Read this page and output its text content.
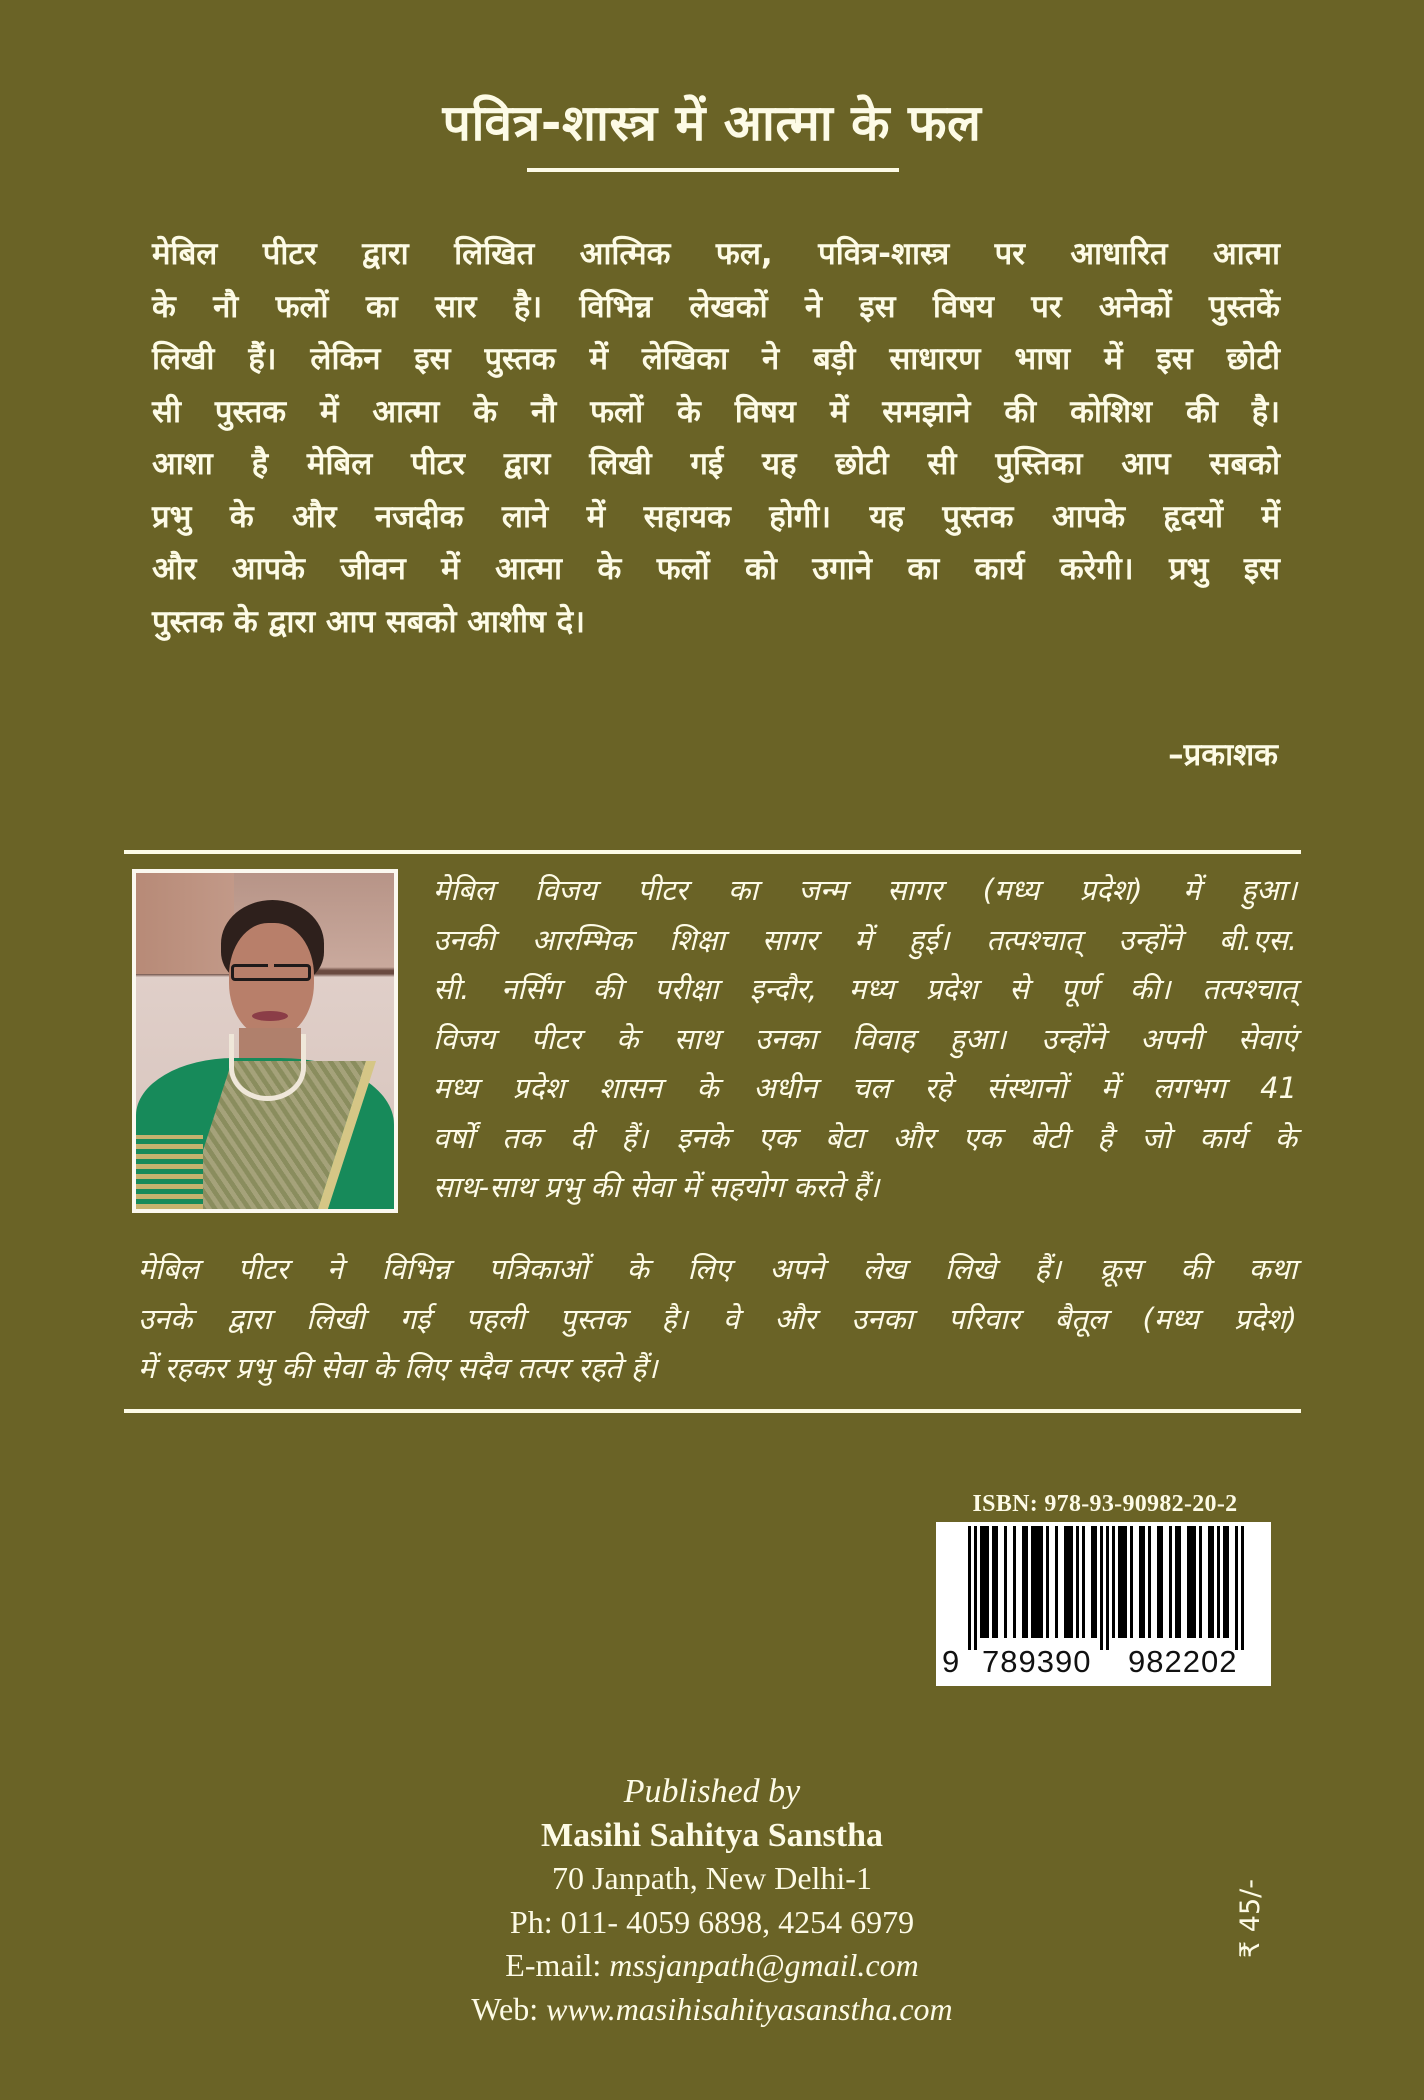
पवित्र-शास्त्र में आत्मा के फल
मेबिल पीटर द्वारा लिखित आत्मिक फल, पवित्र-शास्त्र पर आधारित आत्मा
के नौ फलों का सार है। विभिन्न लेखकों ने इस विषय पर अनेकों पुस्तकें
लिखी हैं। लेकिन इस पुस्तक में लेखिका ने बड़ी साधारण भाषा में इस छोटी
सी पुस्तक में आत्मा के नौ फलों के विषय में समझाने की कोशिश की है।
आशा है मेबिल पीटर द्वारा लिखी गई यह छोटी सी पुस्तिका आप सबको
प्रभु के और नजदीक लाने में सहायक होगी। यह पुस्तक आपके हृदयों में
और आपके जीवन में आत्मा के फलों को उगाने का कार्य करेगी। प्रभु इस
पुस्तक के द्वारा आप सबको आशीष दे।
–प्रकाशक
मेबिल विजय पीटर का जन्म सागर (मध्य प्रदेश) में हुआ।
उनकी आरम्भिक शिक्षा सागर में हुई। तत्पश्चात् उन्होंने बी.एस.
सी. नर्सिंग की परीक्षा इन्दौर, मध्य प्रदेश से पूर्ण की। तत्पश्चात्
विजय पीटर के साथ उनका विवाह हुआ। उन्होंने अपनी सेवाएं
मध्य प्रदेश शासन के अधीन चल रहे संस्थानों में लगभग 41
वर्षों तक दी हैं। इनके एक बेटा और एक बेटी है जो कार्य के
साथ-साथ प्रभु की सेवा में सहयोग करते हैं।
मेबिल पीटर ने विभिन्न पत्रिकाओं के लिए अपने लेख लिखे हैं। क्रूस की कथा
उनके द्वारा लिखी गई पहली पुस्तक है। वे और उनका परिवार बैतूल (मध्य प्रदेश)
में रहकर प्रभु की सेवा के लिए सदैव तत्पर रहते हैं।
ISBN: 978-93-90982-20-2
9 789390 982202
Published by
Masihi Sahitya Sanstha
70 Janpath, New Delhi-1
Ph: 011- 4059 6898, 4254 6979
E-mail: mssjanpath@gmail.com
Web: www.masihisahityasanstha.com
₹ 45/-
